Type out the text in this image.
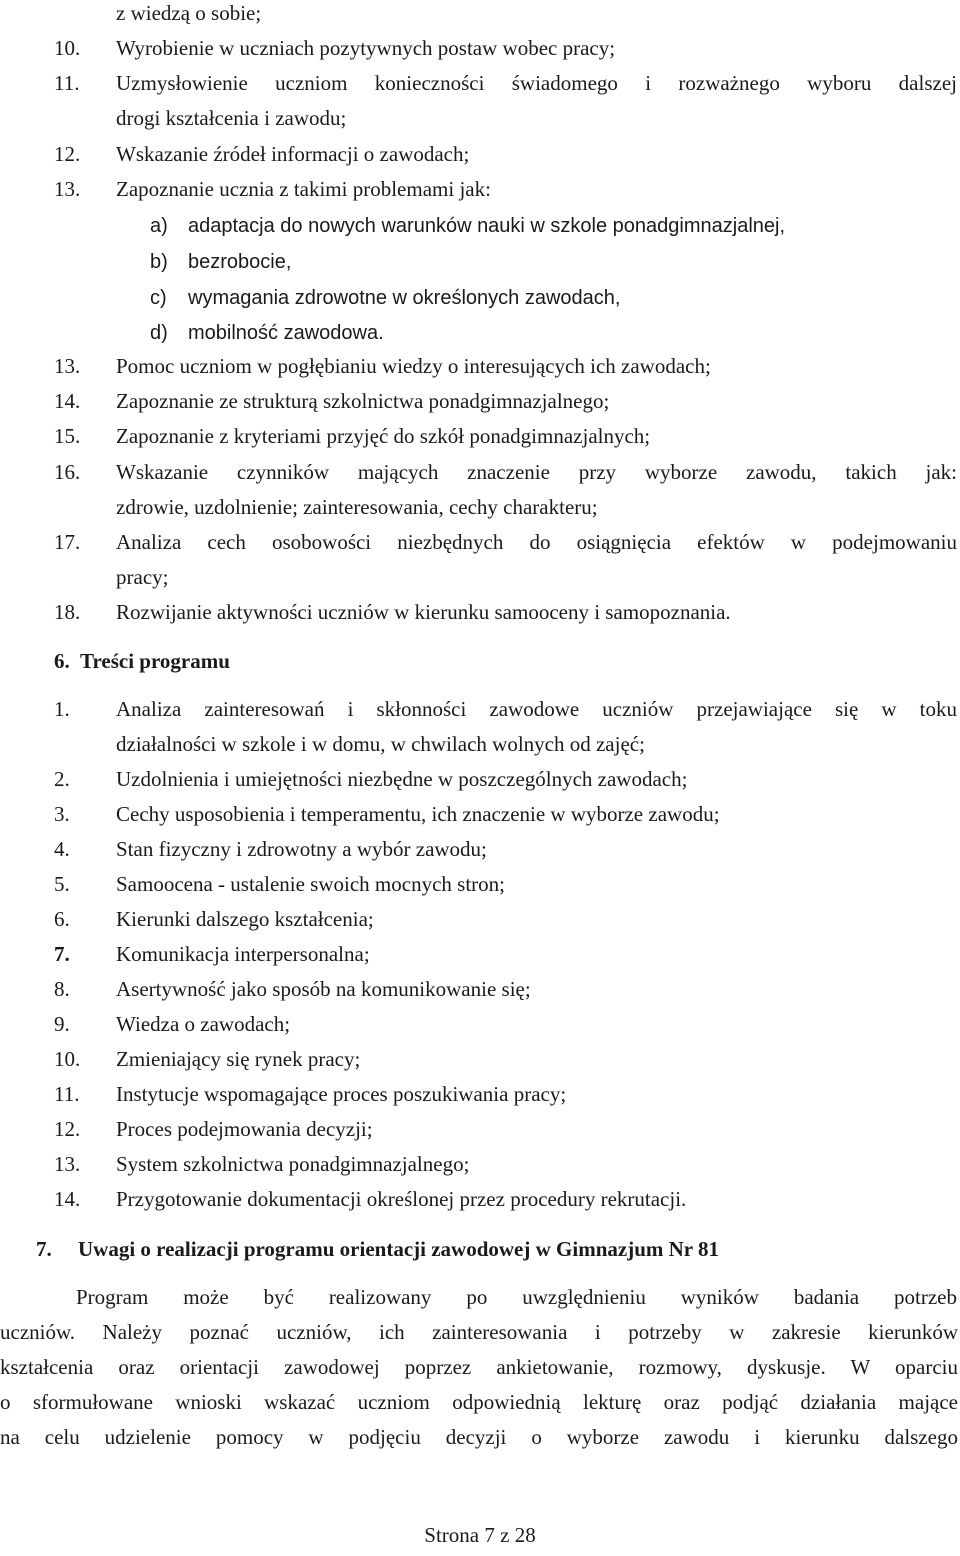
z wiedzą o sobie;
10. Wyrobienie w uczniach pozytywnych postaw wobec pracy;
11. Uzmysłowienie uczniom konieczności świadomego i rozważnego wyboru dalszej
drogi kształcenia i zawodu;
12. Wskazanie źródeł informacji o zawodach;
13. Zapoznanie ucznia z takimi problemami jak:
a) adaptacja do nowych warunków nauki w szkole ponadgimnazjalnej,
b) bezrobocie,
c) wymagania zdrowotne w określonych zawodach,
d) mobilność zawodowa.
13. Pomoc uczniom w pogłębianiu wiedzy o interesujących ich zawodach;
14. Zapoznanie ze strukturą szkolnictwa ponadgimnazjalnego;
15. Zapoznanie z kryteriami przyjęć do szkół ponadgimnazjalnych;
16. Wskazanie czynników mających znaczenie przy wyborze zawodu, takich jak:
zdrowie, uzdolnienie; zainteresowania, cechy charakteru;
17. Analiza cech osobowości niezbędnych do osiągnięcia efektów w podejmowaniu
pracy;
18. Rozwijanie aktywności uczniów w kierunku samooceny i samopoznania.
6. Treści programu
1. Analiza zainteresowań i skłonności zawodowe uczniów przejawiające się w toku
działalności w szkole i w domu, w chwilach wolnych od zajęć;
2. Uzdolnienia i umiejętności niezbędne w poszczególnych zawodach;
3. Cechy usposobienia i temperamentu, ich znaczenie w wyborze zawodu;
4. Stan fizyczny i zdrowotny a wybór zawodu;
5. Samoocena - ustalenie swoich mocnych stron;
6. Kierunki dalszego kształcenia;
7. Komunikacja interpersonalna;
8. Asertywność jako sposób na komunikowanie się;
9. Wiedza o zawodach;
10. Zmieniający się rynek pracy;
11. Instytucje wspomagające proces poszukiwania pracy;
12. Proces podejmowania decyzji;
13. System szkolnictwa ponadgimnazjalnego;
14. Przygotowanie dokumentacji określonej przez procedury rekrutacji.
7. Uwagi o realizacji programu orientacji zawodowej w Gimnazjum Nr 81
Program może być realizowany po uwzględnieniu wyników badania potrzeb
uczniów. Należy poznać uczniów, ich zainteresowania i potrzeby w zakresie kierunków
kształcenia oraz orientacji zawodowej poprzez ankietowanie, rozmowy, dyskusje. W oparciu
o sformułowane wnioski wskazać uczniom odpowiednią lekturę oraz podjąć działania mające
na celu udzielenie pomocy w podjęciu decyzji o wyborze zawodu i kierunku dalszego
Strona 7 z 28
